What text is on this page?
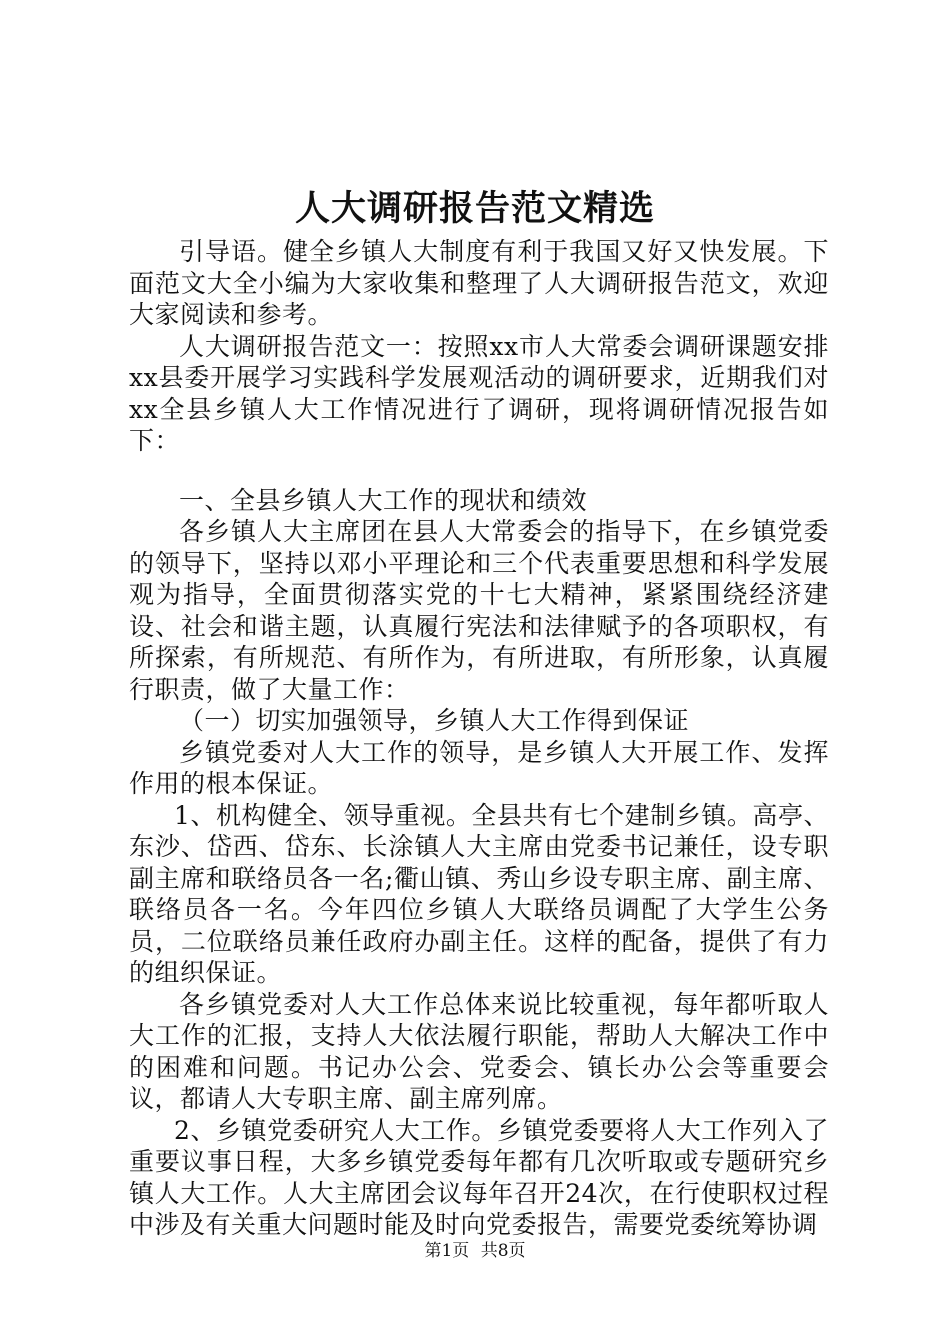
人大调研报告范文精选

引导语。健全乡镇人大制度有利于我国又好又快发展。下面范文大全小编为大家收集和整理了人大调研报告范文，欢迎大家阅读和参考。

人大调研报告范文一：按照xx市人大常委会调研课题安排xx县委开展学习实践科学发展观活动的调研要求，近期我们对xx全县乡镇人大工作情况进行了调研，现将调研情况报告如下：

一、全县乡镇人大工作的现状和绩效

各乡镇人大主席团在县人大常委会的指导下，在乡镇党委的领导下，坚持以邓小平理论和三个代表重要思想和科学发展观为指导，全面贯彻落实党的十七大精神，紧紧围绕经济建设、社会和谐主题，认真履行宪法和法律赋予的各项职权，有所探索，有所规范、有所作为，有所进取，有所形象，认真履行职责，做了大量工作：

（一）切实加强领导，乡镇人大工作得到保证

乡镇党委对人大工作的领导，是乡镇人大开展工作、发挥作用的根本保证。

1、机构健全、领导重视。全县共有七个建制乡镇。高亭、东沙、岱西、岱东、长涂镇人大主席由党委书记兼任，设专职副主席和联络员各一名;衢山镇、秀山乡设专职主席、副主席、联络员各一名。今年四位乡镇人大联络员调配了大学生公务员，二位联络员兼任政府办副主任。这样的配备，提供了有力的组织保证。

各乡镇党委对人大工作总体来说比较重视，每年都听取人大工作的汇报，支持人大依法履行职能，帮助人大解决工作中的困难和问题。书记办公会、党委会、镇长办公会等重要会议，都请人大专职主席、副主席列席。

2、乡镇党委研究人大工作。乡镇党委要将人大工作列入了重要议事日程，大多乡镇党委每年都有几次听取或专题研究乡镇人大工作。人大主席团会议每年召开24次，在行使职权过程中涉及有关重大问题时能及时向党委报告，需要党委统筹协调

第1页 共8页
